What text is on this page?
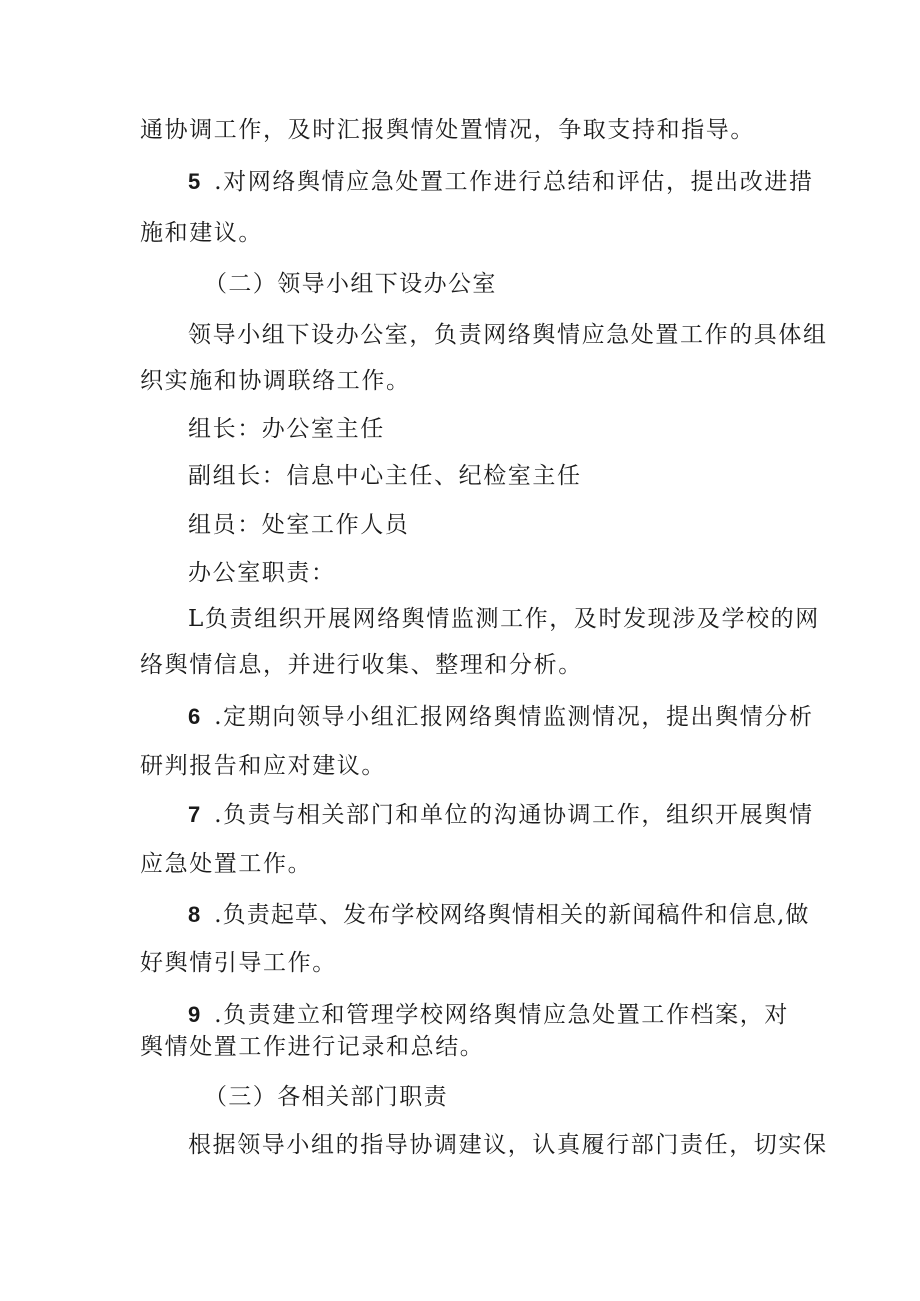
通协调工作，及时汇报舆情处置情况，争取支持和指导。

5 .对网络舆情应急处置工作进行总结和评估，提出改进措

施和建议。

（二）领导小组下设办公室

领导小组下设办公室，负责网络舆情应急处置工作的具体组

织实施和协调联络工作。

组长：办公室主任

副组长：信息中心主任、纪检室主任

组员：处室工作人员

办公室职责：

L负责组织开展网络舆情监测工作，及时发现涉及学校的网

络舆情信息，并进行收集、整理和分析。

6 .定期向领导小组汇报网络舆情监测情况，提出舆情分析

研判报告和应对建议。

7 .负责与相关部门和单位的沟通协调工作，组织开展舆情

应急处置工作。

8 .负责起草、发布学校网络舆情相关的新闻稿件和信息,做

好舆情引导工作。

9 .负责建立和管理学校网络舆情应急处置工作档案，对

舆情处置工作进行记录和总结。

（三）各相关部门职责

根据领导小组的指导协调建议，认真履行部门责任，切实保
